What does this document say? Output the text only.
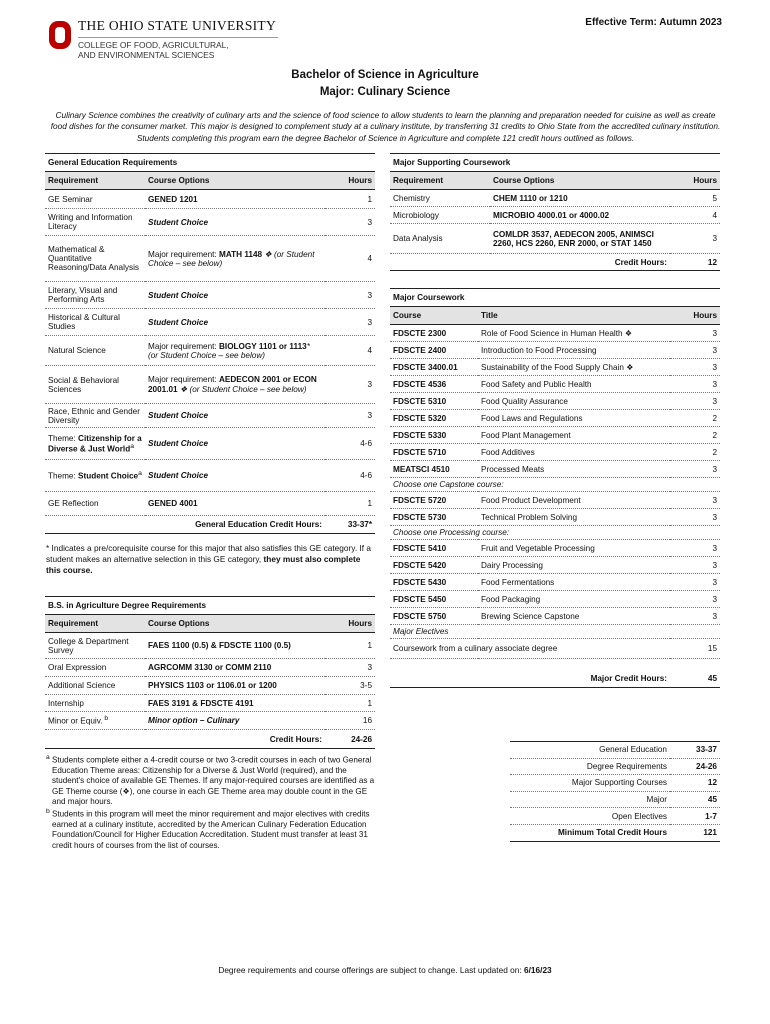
THE OHIO STATE UNIVERSITY
COLLEGE OF FOOD, AGRICULTURAL,
AND ENVIRONMENTAL SCIENCES
Effective Term: Autumn 2023
Bachelor of Science in Agriculture
Major: Culinary Science
Culinary Science combines the creativity of culinary arts and the science of food science to allow students to learn the planning and preparation needed for cuisine as well as create food dishes for the consumer market. This major is designed to complement study at a culinary institute, by transferring 31 credits to Ohio State from the accredited culinary institution. Students completing this program earn the degree Bachelor of Science in Agriculture and complete 121 credit hours outlined as follows.
General Education Requirements		
Requirement	Course Options	Hours
GE Seminar	GENED 1201	1
Writing and Information Literacy	Student Choice	3
Mathematical & Quantitative Reasoning/Data Analysis	Major requirement: MATH 1148 ❖ (or Student Choice – see below)	4
Literary, Visual and Performing Arts	Student Choice	3
Historical & Cultural Studies	Student Choice	3
Natural Science	Major requirement: BIOLOGY 1101 or 1113* (or Student Choice – see below)	4
Social & Behavioral Sciences	Major requirement: AEDECON 2001 or ECON 2001.01 ❖ (or Student Choice – see below)	3
Race, Ethnic and Gender Diversity	Student Choice	3
Theme: Citizenship for a Diverse & Just World$^a$	Student Choice	4-6
Theme: Student Choice$^a$	Student Choice	4-6
GE Reflection	GENED 4001	1
General Education Credit Hours:		33-37*
* Indicates a pre/corequisite course for this major that also satisfies this GE category. If a student makes an alternative selection in this GE category, they must also complete this course.
B.S. in Agriculture Degree Requirements		
Requirement	Course Options	Hours
College & Department Survey	FAES 1100 (0.5) & FDSCTE 1100 (0.5)	1
Oral Expression	AGRCOMM 3130 or COMM 2110	3
Additional Science	PHYSICS 1103 or 1106.01 or 1200	3-5
Internship	FAES 3191 & FDSCTE 4191	1
Minor or Equiv. $^b$	Minor option – Culinary	16
Credit Hours:		24-26
$^a$ Students complete either a 4-credit course or two 3-credit courses in each of two General Education Theme areas: Citizenship for a Diverse & Just World (required), and the student's choice of available GE Themes. If any major-required courses are identified as a GE Theme course (❖), one course in each GE Theme area may double count in the GE and major hours.
$^b$ Students in this program will meet the minor requirement and major electives with credits earned at a culinary institute, accredited by the American Culinary Federation Education Foundation/Council for Higher Education Accreditation. Student must transfer at least 31 credit hours of courses from the list of courses.
Major Supporting Coursework		
Requirement	Course Options	Hours
Chemistry	CHEM 1110 or 1210	5
Microbiology	MICROBIO 4000.01 or 4000.02	4
Data Analysis	COMLDR 3537, AEDECON 2005, ANIMSCI 2260, HCS 2260, ENR 2000, or STAT 1450	3
Credit Hours:		12
Major Coursework		
Course	Title	Hours
FDSCTE 2300	Role of Food Science in Human Health ❖	3
FDSCTE 2400	Introduction to Food Processing	3
FDSCTE 3400.01	Sustainability of the Food Supply Chain ❖	3
FDSCTE 4536	Food Safety and Public Health	3
FDSCTE 5310	Food Quality Assurance	3
FDSCTE 5320	Food Laws and Regulations	2
FDSCTE 5330	Food Plant Management	2
FDSCTE 5710	Food Additives	2
MEATSCI 4510	Processed Meats	3
Choose one Capstone course:		
FDSCTE 5720	Food Product Development	3
FDSCTE 5730	Technical Problem Solving	3
Choose one Processing course:		
FDSCTE 5410	Fruit and Vegetable Processing	3
FDSCTE 5420	Dairy Processing	3
FDSCTE 5430	Food Fermentations	3
FDSCTE 5450	Food Packaging	3
FDSCTE 5750	Brewing Science Capstone	3
Major Electives		
Coursework from a culinary associate degree		15

Major Credit Hours:		45
General Education	33-37
Degree Requirements	24-26
Major Supporting Courses	12
Major	45
Open Electives	1-7
Minimum Total Credit Hours	121
Degree requirements and course offerings are subject to change. Last updated on: 6/16/23
